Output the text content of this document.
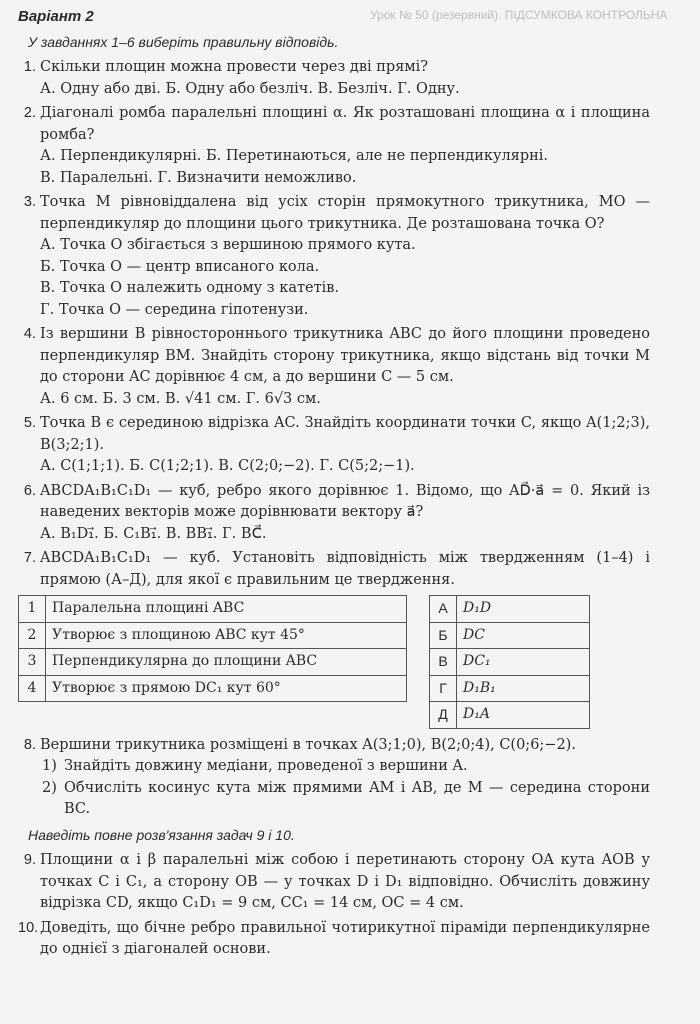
Урок № 50 (резервний). ПІДСУМКОВА КОНТРОЛЬНА
Варіант 2
У завданнях 1–6 виберіть правильну відповідь.
1. Скільки площин можна провести через дві прямі?
А. Одну або дві. Б. Одну або безліч. В. Безліч. Г. Одну.
2. Діагоналі ромба паралельні площині α. Як розташовані площина α і площина ромба?
А. Перпендикулярні. Б. Перетинаються, але не перпендикулярні.
В. Паралельні. Г. Визначити неможливо.
3. Точка M рівновіддалена від усіх сторін прямокутного трикутника, MO — перпендикуляр до площини цього трикутника. Де розташована точка O?
А. Точка O збігається з вершиною прямого кута.
Б. Точка O — центр вписаного кола.
В. Точка O належить одному з катетів.
Г. Точка O — середина гіпотенузи.
4. Із вершини B рівностороннього трикутника ABC до його площини проведено перпендикуляр BM. Знайдіть сторону трикутника, якщо відстань від точки M до сторони AC дорівнює 4 см, а до вершини C — 5 см.
А. 6 см. Б. 3 см. В. √41 см. Г. 6√3 см.
5. Точка B є серединою відрізка AC. Знайдіть координати точки C, якщо A(1;2;3), B(3;2;1).
А. C(1;1;1). Б. C(1;2;1). В. C(2;0;−2). Г. C(5;2;−1).
6. ABCDA₁B₁C₁D₁ — куб, ребро якого дорівнює 1. Відомо, що AD⃗·a⃗ = 0. Який із наведених векторів може дорівнювати вектору a⃗?
А. B₁D₁⃗. Б. C₁B₁⃗. В. BB₁⃗. Г. BC⃗.
7. ABCDA₁B₁C₁D₁ — куб. Установіть відповідність між твердженням (1–4) і прямою (А–Д), для якої є правильним це твердження.
1	Паралельна площині ABC		А	D₁D
2	Утворює з площиною ABC кут 45°		Б	DC
3	Перпендикулярна до площини ABC		В	DC₁
4	Утворює з прямою DC₁ кут 60°		Г	D₁B₁
			Д	D₁A
8. Вершини трикутника розміщені в точках A(3;1;0), B(2;0;4), C(0;6;−2).
1) Знайдіть довжину медіани, проведеної з вершини A.
2) Обчисліть косинус кута між прямими AM і AB, де M — середина сторони BC.
Наведіть повне розв'язання задач 9 і 10.
9. Площини α і β паралельні між собою і перетинають сторону OA кута AOB у точках C і C₁, а сторону OB — у точках D і D₁ відповідно. Обчисліть довжину відрізка CD, якщо C₁D₁ = 9 см, CC₁ = 14 см, OC = 4 см.
10. Доведіть, що бічне ребро правильної чотирикутної піраміди перпендикулярне до однієї з діагоналей основи.
